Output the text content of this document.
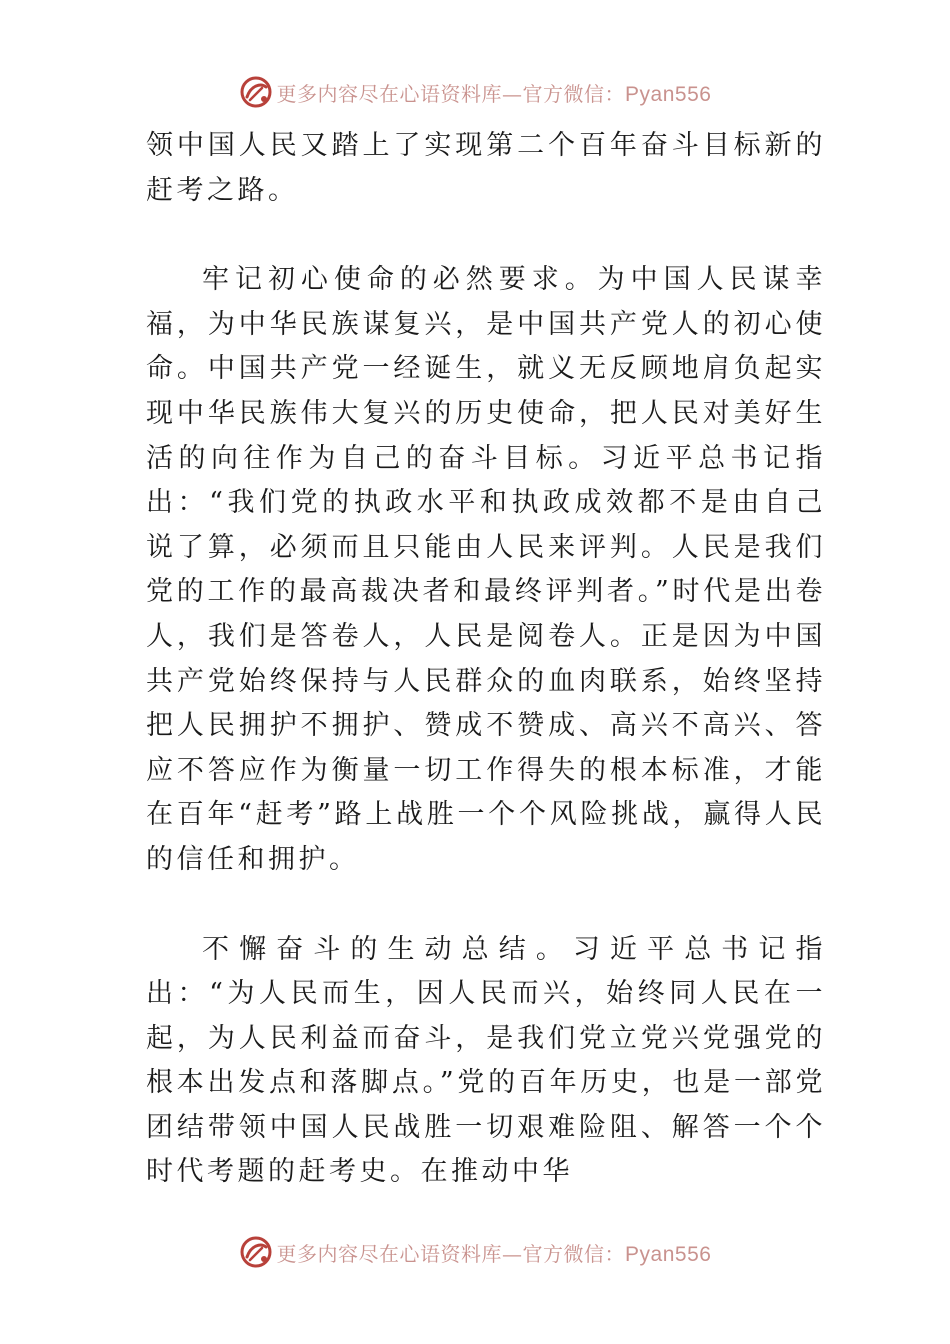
更多内容尽在心语资料库—官方微信：Pyan556

领中国人民又踏上了实现第二个百年奋斗目标新的赶考之路。

牢记初心使命的必然要求。为中国人民谋幸福，为中华民族谋复兴，是中国共产党人的初心使命。中国共产党一经诞生，就义无反顾地肩负起实现中华民族伟大复兴的历史使命，把人民对美好生活的向往作为自己的奋斗目标。习近平总书记指出：“我们党的执政水平和执政成效都不是由自己说了算，必须而且只能由人民来评判。人民是我们党的工作的最高裁决者和最终评判者。”时代是出卷人，我们是答卷人，人民是阅卷人。正是因为中国共产党始终保持与人民群众的血肉联系，始终坚持把人民拥护不拥护、赞成不赞成、高兴不高兴、答应不答应作为衡量一切工作得失的根本标准，才能在百年“赶考”路上战胜一个个风险挑战，赢得人民的信任和拥护。

不懈奋斗的生动总结。习近平总书记指出：“为人民而生，因人民而兴，始终同人民在一起，为人民利益而奋斗，是我们党立党兴党强党的根本出发点和落脚点。”党的百年历史，也是一部党团结带领中国人民战胜一切艰难险阻、解答一个个时代考题的赶考史。在推动中华

更多内容尽在心语资料库—官方微信：Pyan556
